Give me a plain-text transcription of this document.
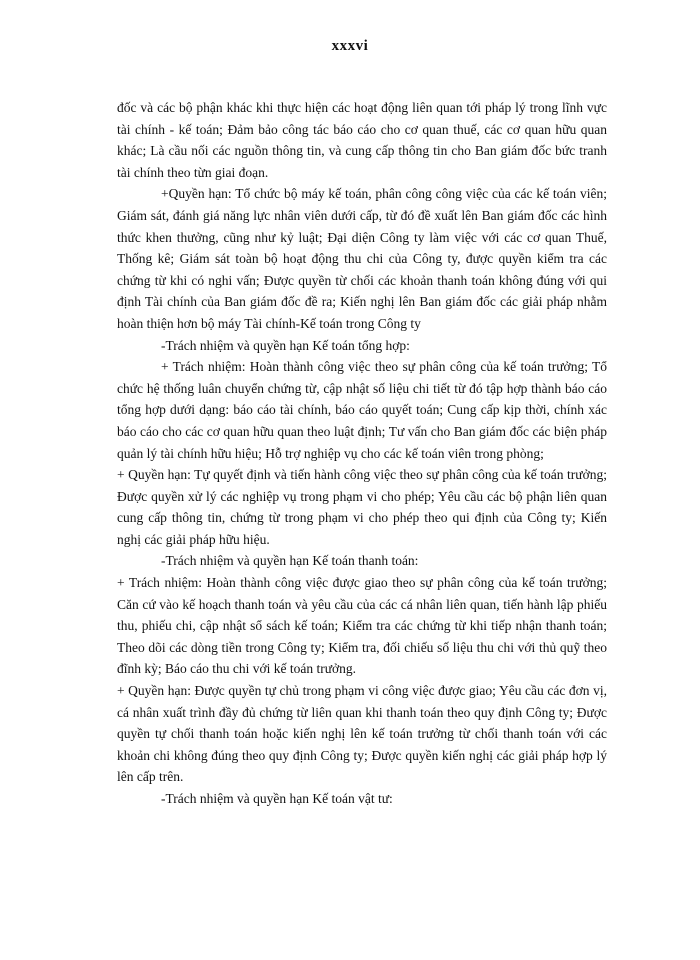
xxxvi

đốc và các bộ phận khác khi thực hiện các hoạt động liên quan tới pháp lý trong lĩnh vực tài chính - kế toán; Đảm bảo công tác báo cáo cho cơ quan thuế, các cơ quan hữu quan khác; Là cầu nối các nguồn thông tin, và cung cấp thông tin cho Ban giám đốc bức tranh tài chính theo từn giai đoạn.

+Quyền hạn: Tổ chức bộ máy kế toán, phân công công việc của các kế toán viên; Giám sát, đánh giá năng lực nhân viên dưới cấp, từ đó đề xuất lên Ban giám đốc các hình thức khen thưởng, cũng như kỷ luật; Đại diện Công ty làm việc với các cơ quan Thuế, Thống kê; Giám sát toàn bộ hoạt động thu chi của Công ty, được quyền kiểm tra các chứng từ khi có nghi vấn; Được quyền từ chối các khoản thanh toán không đúng với qui định Tài chính của Ban giám đốc đề ra; Kiến nghị lên Ban giám đốc các giải pháp nhằm hoàn thiện hơn bộ máy Tài chính-Kế toán trong Công ty

-Trách nhiệm và quyền hạn Kế toán tổng hợp:

+ Trách nhiệm: Hoàn thành công việc theo sự phân công của kế toán trưởng; Tổ chức hệ thống luân chuyển chứng từ, cập nhật số liệu chi tiết từ đó tập hợp thành báo cáo tổng hợp dưới dạng: báo cáo tài chính, báo cáo quyết toán; Cung cấp kịp thời, chính xác báo cáo cho các cơ quan hữu quan theo luật định; Tư vấn cho Ban giám đốc các biện pháp quản lý tài chính hữu hiệu; Hỗ trợ nghiệp vụ cho các kế toán viên trong phòng;

+ Quyền hạn: Tự quyết định và tiến hành công việc theo sự phân công của kế toán trưởng; Được quyền xử lý các nghiệp vụ trong phạm vi cho phép; Yêu cầu các bộ phận liên quan cung cấp thông tin, chứng từ trong phạm vi cho phép theo qui định của Công ty; Kiến nghị các giải pháp hữu hiệu.

-Trách nhiệm và quyền hạn Kế toán thanh toán:

+ Trách nhiệm: Hoàn thành công việc được giao theo sự phân công của kế toán trưởng; Căn cứ vào kế hoạch thanh toán và yêu cầu của các cá nhân liên quan, tiến hành lập phiếu thu, phiếu chi, cập nhật sổ sách kế toán; Kiểm tra các chứng từ khi tiếp nhận thanh toán; Theo dõi các dòng tiền trong Công ty; Kiểm tra, đối chiếu số liệu thu chi với thủ quỹ theo đĩnh kỳ; Báo cáo thu chi với kế toán trưởng.

+ Quyền hạn: Được quyền tự chủ trong phạm vi công việc được giao; Yêu cầu các đơn vị, cá nhân xuất trình đầy đủ chứng từ liên quan khi thanh toán theo quy định Công ty; Được quyền tự chối thanh toán hoặc kiến nghị lên kế toán trưởng từ chối thanh toán với các khoản chi không đúng theo quy định Công ty; Được quyền kiến nghị các giải pháp hợp lý lên cấp trên.

-Trách nhiệm và quyền hạn Kế toán vật tư:
